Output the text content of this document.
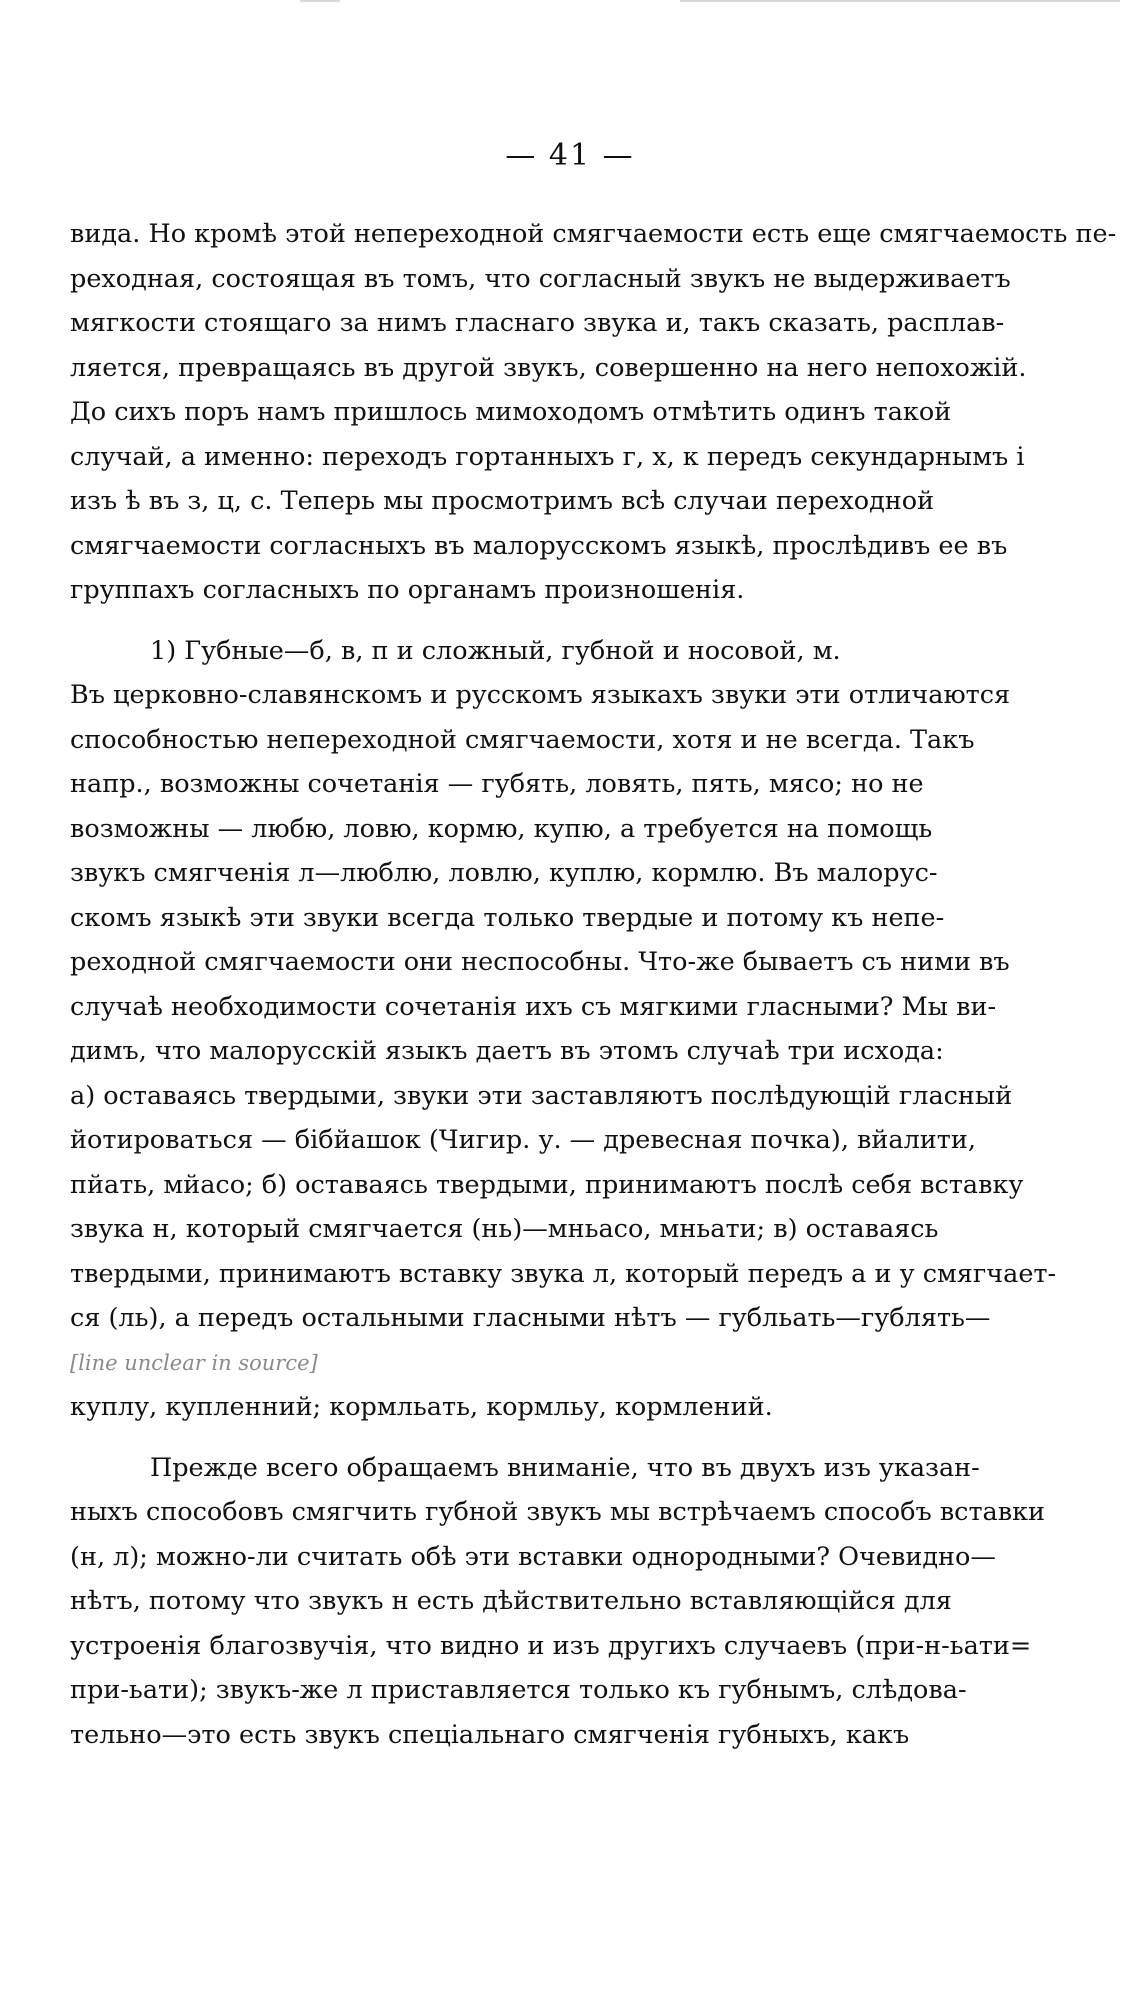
— 41 —
вида. Но кромѣ этой непереходной смягчаемости есть еще смягчаемость пе-
реходная, состоящая въ томъ, что согласный звукъ не выдерживаетъ
мягкости стоящаго за нимъ гласнаго звука и, такъ сказать, расплав-
ляется, превращаясь въ другой звукъ, совершенно на него непохожій.
До сихъ поръ намъ пришлось мимоходомъ отмѣтить одинъ такой
случай, а именно: переходъ гортанныхъ г, х, к передъ секундарнымъ і
изъ ѣ въ з, ц, с. Теперь мы просмотримъ всѣ случаи переходной
смягчаемости согласныхъ въ малорусскомъ языкѣ, прослѣдивъ ее въ
группахъ согласныхъ по органамъ произношенія.
1) Губные—б, в, п и сложный, губной и носовой, м.
Въ церковно-славянскомъ и русскомъ языкахъ звуки эти отличаются
способностью непереходной смягчаемости, хотя и не всегда. Такъ
напр., возможны сочетанія — губять, ловять, пять, мясо; но не
возможны — любю, ловю, кормю, купю, а требуется на помощь
звукъ смягченія л—люблю, ловлю, куплю, кормлю. Въ малорус-
скомъ языкѣ эти звуки всегда только твердые и потому къ непе-
реходной смягчаемости они неспособны. Что-же бываетъ съ ними въ
случаѣ необходимости сочетанія ихъ съ мягкими гласными? Мы ви-
димъ, что малорусскій языкъ даетъ въ этомъ случаѣ три исхода:
а) оставаясь твердыми, звуки эти заставляютъ послѣдующій гласный
йотироваться — бібйашок (Чигир. у. — древесная почка), вйалити,
пйать, мйасо; б) оставаясь твердыми, принимаютъ послѣ себя вставку
звука н, который смягчается (нь)—мньасо, мньати; в) оставаясь
твердыми, принимаютъ вставку звука л, который передъ а и у смягчает-
ся (ль), а передъ остальными гласными нѣтъ — губльать—гублять—
[line unclear in source]
куплу, купленний; кормльать, кормльу, кормлений.
Прежде всего обращаемъ вниманіе, что въ двухъ изъ указан-
ныхъ способовъ смягчить губной звукъ мы встрѣчаемъ способъ вставки
(н, л); можно-ли считать обѣ эти вставки однородными? Очевидно—
нѣтъ, потому что звукъ н есть дѣйствительно вставляющійся для
устроенія благозвучія, что видно и изъ другихъ случаевъ (при-н-ьати=
при-ьати); звукъ-же л приставляется только къ губнымъ, слѣдова-
тельно—это есть звукъ спеціальнаго смягченія губныхъ, какъ
